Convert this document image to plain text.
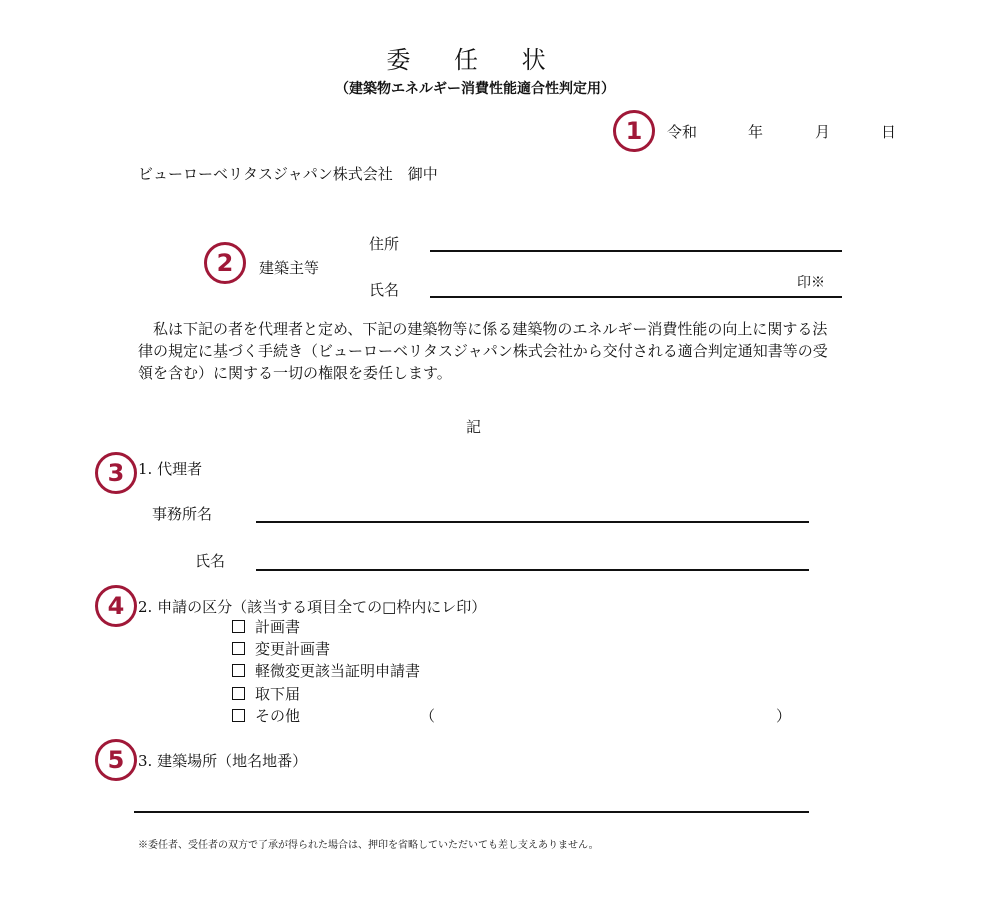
委 任 状
（建築物エネルギー消費性能適合性判定用）
1	令和	年	月	日
ビューローベリタスジャパン株式会社　御中
2	建築主等
住所
氏名	印※
私は下記の者を代理者と定め、下記の建築物等に係る建築物のエネルギー消費性能の向上に関する法律の規定に基づく手続き（ビューローベリタスジャパン株式会社から交付される適合判定通知書等の受領を含む）に関する一切の権限を委任します。
記
3 1. 代理者
事務所名
氏名
4 2. 申請の区分（該当する項目全ての□枠内にレ印）
計画書
変更計画書
軽微変更該当証明申請書
取下届
その他	（	）
5 3. 建築場所（地名地番）
※委任者、受任者の双方で了承が得られた場合は、押印を省略していただいても差し支えありません。
